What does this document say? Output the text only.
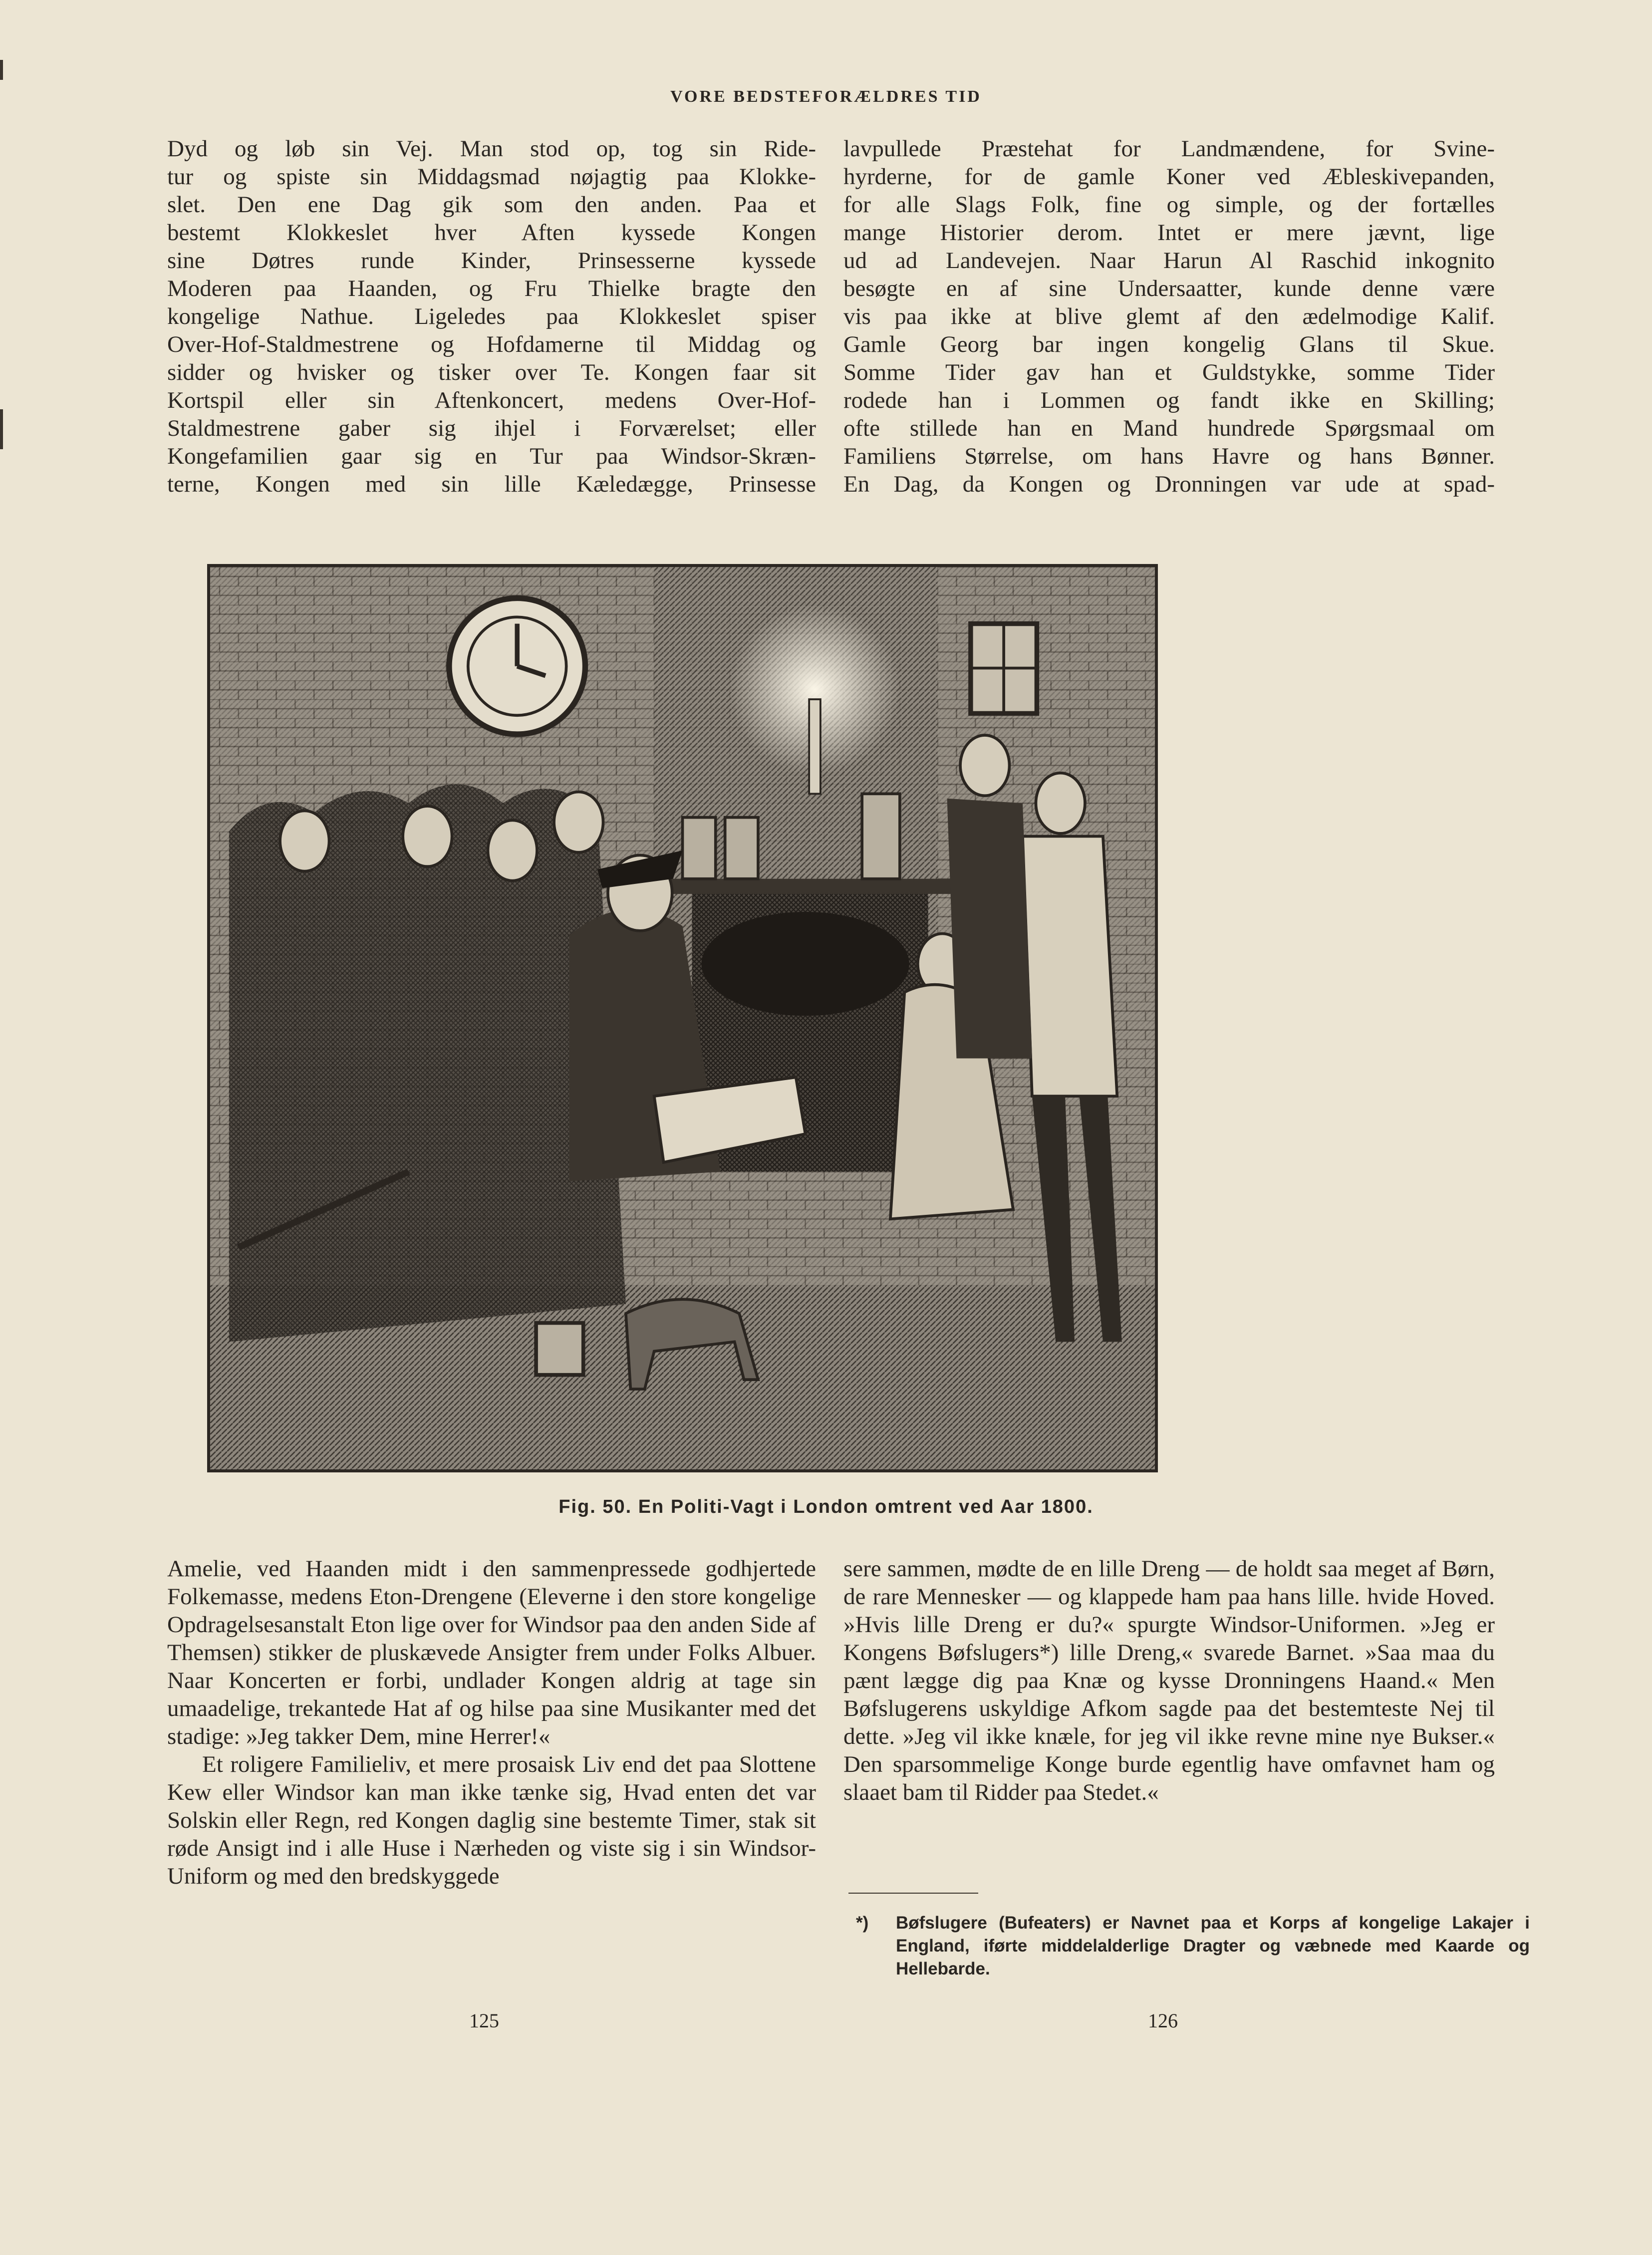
VORE BEDSTEFORÆLDRES TID

Dyd og løb sin Vej. Man stod op, tog sin Ride-

tur og spiste sin Middagsmad nøjagtig paa Klokke-

slet. Den ene Dag gik som den anden. Paa et

bestemt Klokkeslet hver Aften kyssede Kongen

sine Døtres runde Kinder, Prinsesserne kyssede

Moderen paa Haanden, og Fru Thielke bragte den

kongelige Nathue. Ligeledes paa Klokkeslet spiser

Over-Hof-Staldmestrene og Hofdamerne til Middag og

sidder og hvisker og tisker over Te. Kongen faar sit

Kortspil eller sin Aftenkoncert, medens Over-Hof-

Staldmestrene gaber sig ihjel i Forværelset; eller

Kongefamilien gaar sig en Tur paa Windsor-Skræn-

terne, Kongen med sin lille Kæledægge, Prinsesse

lavpullede Præstehat for Landmændene, for Svine-

hyrderne, for de gamle Koner ved Æbleskivepanden,

for alle Slags Folk, fine og simple, og der fortælles

mange Historier derom. Intet er mere jævnt, lige

ud ad Landevejen. Naar Harun Al Raschid inkognito

besøgte en af sine Undersaatter, kunde denne være

vis paa ikke at blive glemt af den ædelmodige Kalif.

Gamle Georg bar ingen kongelig Glans til Skue.

Somme Tider gav han et Guldstykke, somme Tider

rodede han i Lommen og fandt ikke en Skilling;

ofte stillede han en Mand hundrede Spørgsmaal om

Familiens Størrelse, om hans Havre og hans Bønner.

En Dag, da Kongen og Dronningen var ude at spad-

Fig. 50. En Politi-Vagt i London omtrent ved Aar 1800.

Amelie, ved Haanden midt i den sammenpressede godhjertede Folkemasse, medens Eton-Drengene (Eleverne i den store kongelige Opdragelsesanstalt Eton lige over for Windsor paa den anden Side af Themsen) stikker de pluskævede Ansigter frem under Folks Albuer. Naar Koncerten er forbi, undlader Kongen aldrig at tage sin umaadelige, trekantede Hat af og hilse paa sine Musikanter med det stadige: »Jeg takker Dem, mine Herrer!«

Et roligere Familieliv, et mere prosaisk Liv end det paa Slottene Kew eller Windsor kan man ikke tænke sig, Hvad enten det var Solskin eller Regn, red Kongen daglig sine bestemte Timer, stak sit røde Ansigt ind i alle Huse i Nærheden og viste sig i sin Windsor-Uniform og med den bredskyggede

sere sammen, mødte de en lille Dreng — de holdt saa meget af Børn, de rare Mennesker — og klappede ham paa hans lille. hvide Hoved. »Hvis lille Dreng er du?« spurgte Windsor-Uniformen. »Jeg er Kongens Bøfslugers*) lille Dreng,« svarede Barnet. »Saa maa du pænt lægge dig paa Knæ og kysse Dronningens Haand.« Men Bøfslugerens uskyldige Afkom sagde paa det bestemteste Nej til dette. »Jeg vil ikke knæle, for jeg vil ikke revne mine nye Bukser.« Den sparsommelige Konge burde egentlig have omfavnet ham og slaaet bam til Ridder paa Stedet.«

*) Bøfslugere (Bufeaters) er Navnet paa et Korps af kongelige Lakajer i England, iførte middelalderlige Dragter og væbnede med Kaarde og Hellebarde.
125	126
